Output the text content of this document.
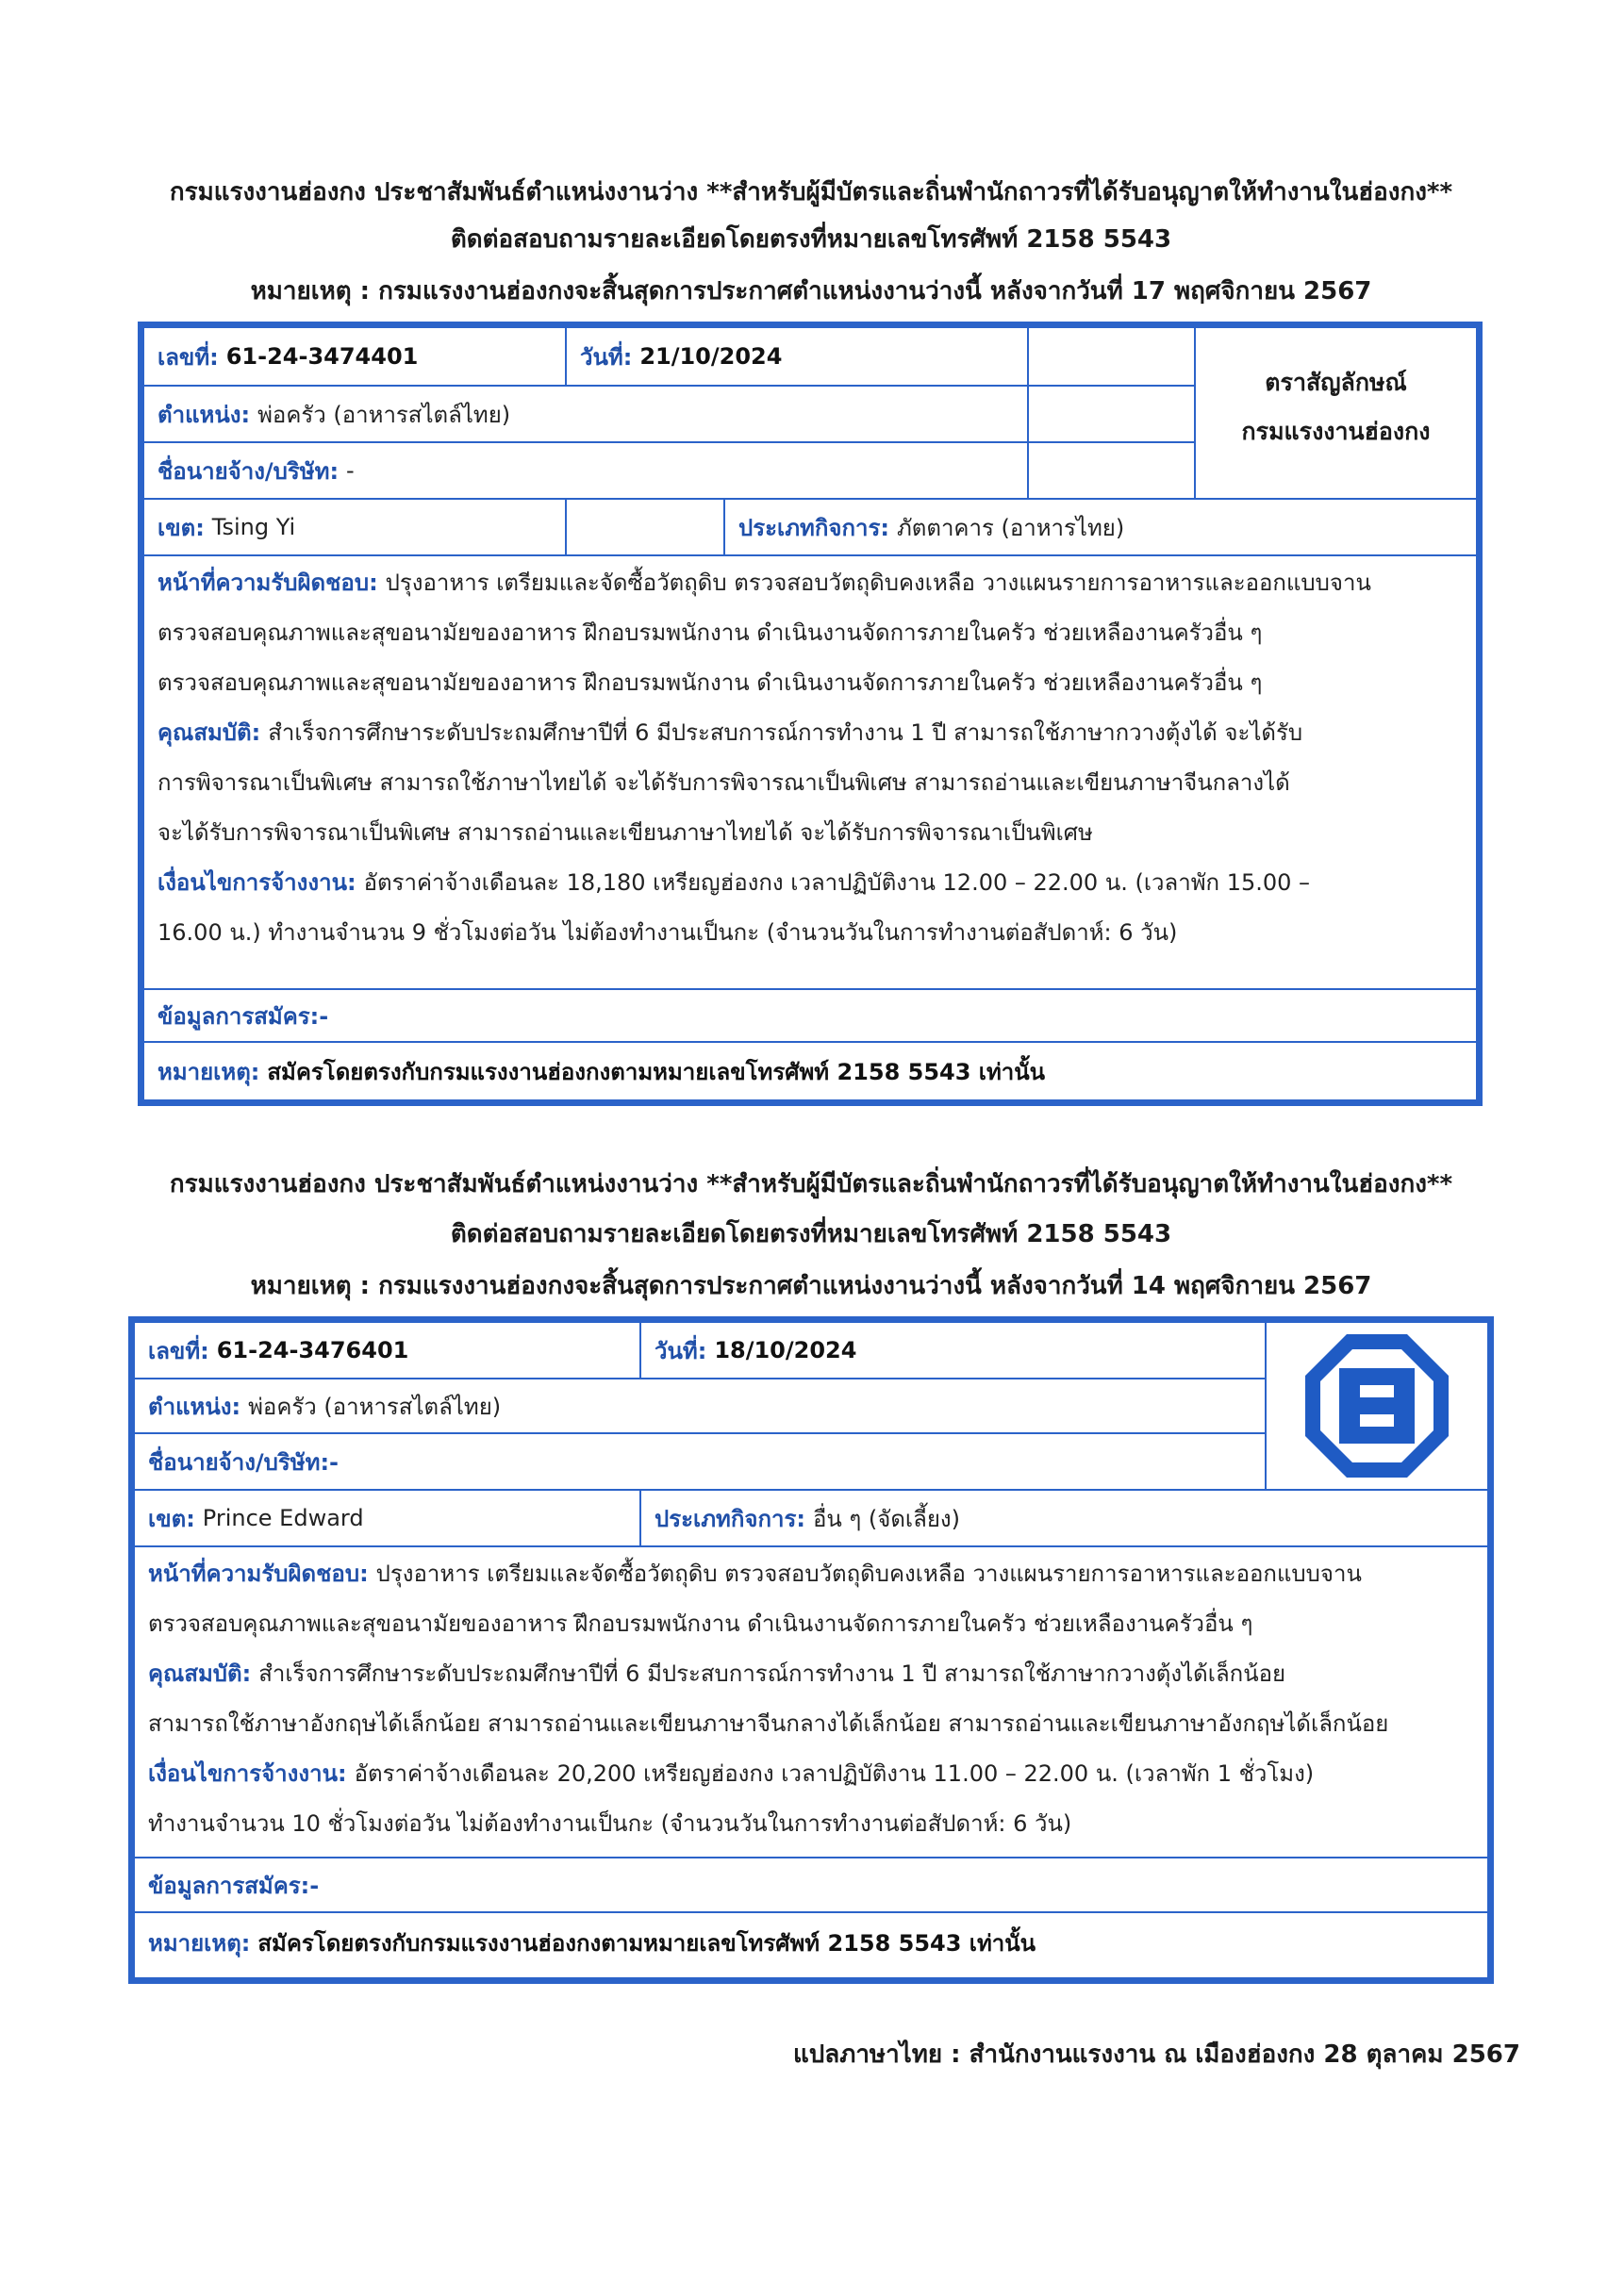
กรมแรงงานฮ่องกง ประชาสัมพันธ์ตำแหน่งงานว่าง **สำหรับผู้มีบัตรและถิ่นพำนักถาวรที่ได้รับอนุญาตให้ทำงานในฮ่องกง**
ติดต่อสอบถามรายละเอียดโดยตรงที่หมายเลขโทรศัพท์ 2158 5543
หมายเหตุ : กรมแรงงานฮ่องกงจะสิ้นสุดการประกาศตำแหน่งงานว่างนี้ หลังจากวันที่ 17 พฤศจิกายน 2567
เลขที่: 61-24-3474401	วันที่: 21/10/2024
ตำแหน่ง: พ่อครัว (อาหารสไตล์ไทย)
ชื่อนายจ้าง/บริษัท: -
ตราสัญลักษณ์
กรมแรงงานฮ่องกง
เขต: Tsing Yi	ประเภทกิจการ: ภัตตาคาร (อาหารไทย)
หน้าที่ความรับผิดชอบ: ปรุงอาหาร เตรียมและจัดซื้อวัตถุดิบ ตรวจสอบวัตถุดิบคงเหลือ วางแผนรายการอาหารและออกแบบจาน
ตรวจสอบคุณภาพและสุขอนามัยของอาหาร ฝึกอบรมพนักงาน ดำเนินงานจัดการภายในครัว ช่วยเหลืองานครัวอื่น ๆ
ตรวจสอบคุณภาพและสุขอนามัยของอาหาร ฝึกอบรมพนักงาน ดำเนินงานจัดการภายในครัว ช่วยเหลืองานครัวอื่น ๆ
คุณสมบัติ: สำเร็จการศึกษาระดับประถมศึกษาปีที่ 6 มีประสบการณ์การทำงาน 1 ปี สามารถใช้ภาษากวางตุ้งได้ จะได้รับ
การพิจารณาเป็นพิเศษ สามารถใช้ภาษาไทยได้ จะได้รับการพิจารณาเป็นพิเศษ สามารถอ่านและเขียนภาษาจีนกลางได้
จะได้รับการพิจารณาเป็นพิเศษ สามารถอ่านและเขียนภาษาไทยได้ จะได้รับการพิจารณาเป็นพิเศษ
เงื่อนไขการจ้างงาน: อัตราค่าจ้างเดือนละ 18,180 เหรียญฮ่องกง เวลาปฏิบัติงาน 12.00 – 22.00 น. (เวลาพัก 15.00 –
16.00 น.) ทำงานจำนวน 9 ชั่วโมงต่อวัน ไม่ต้องทำงานเป็นกะ (จำนวนวันในการทำงานต่อสัปดาห์: 6 วัน)
ข้อมูลการสมัคร:-
หมายเหตุ: สมัครโดยตรงกับกรมแรงงานฮ่องกงตามหมายเลขโทรศัพท์ 2158 5543 เท่านั้น
กรมแรงงานฮ่องกง ประชาสัมพันธ์ตำแหน่งงานว่าง **สำหรับผู้มีบัตรและถิ่นพำนักถาวรที่ได้รับอนุญาตให้ทำงานในฮ่องกง**
ติดต่อสอบถามรายละเอียดโดยตรงที่หมายเลขโทรศัพท์ 2158 5543
หมายเหตุ : กรมแรงงานฮ่องกงจะสิ้นสุดการประกาศตำแหน่งงานว่างนี้ หลังจากวันที่ 14 พฤศจิกายน 2567
เลขที่: 61-24-3476401	วันที่: 18/10/2024
ตำแหน่ง: พ่อครัว (อาหารสไตล์ไทย)
ชื่อนายจ้าง/บริษัท:-
เขต: Prince Edward	ประเภทกิจการ: อื่น ๆ (จัดเลี้ยง)
หน้าที่ความรับผิดชอบ: ปรุงอาหาร เตรียมและจัดซื้อวัตถุดิบ ตรวจสอบวัตถุดิบคงเหลือ วางแผนรายการอาหารและออกแบบจาน
ตรวจสอบคุณภาพและสุขอนามัยของอาหาร ฝึกอบรมพนักงาน ดำเนินงานจัดการภายในครัว ช่วยเหลืองานครัวอื่น ๆ
คุณสมบัติ: สำเร็จการศึกษาระดับประถมศึกษาปีที่ 6 มีประสบการณ์การทำงาน 1 ปี สามารถใช้ภาษากวางตุ้งได้เล็กน้อย
สามารถใช้ภาษาอังกฤษได้เล็กน้อย สามารถอ่านและเขียนภาษาจีนกลางได้เล็กน้อย สามารถอ่านและเขียนภาษาอังกฤษได้เล็กน้อย
เงื่อนไขการจ้างงาน: อัตราค่าจ้างเดือนละ 20,200 เหรียญฮ่องกง เวลาปฏิบัติงาน 11.00 – 22.00 น. (เวลาพัก 1 ชั่วโมง)
ทำงานจำนวน 10 ชั่วโมงต่อวัน ไม่ต้องทำงานเป็นกะ (จำนวนวันในการทำงานต่อสัปดาห์: 6 วัน)
ข้อมูลการสมัคร:-
หมายเหตุ: สมัครโดยตรงกับกรมแรงงานฮ่องกงตามหมายเลขโทรศัพท์ 2158 5543 เท่านั้น
แปลภาษาไทย : สำนักงานแรงงาน ณ เมืองฮ่องกง 28 ตุลาคม 2567
